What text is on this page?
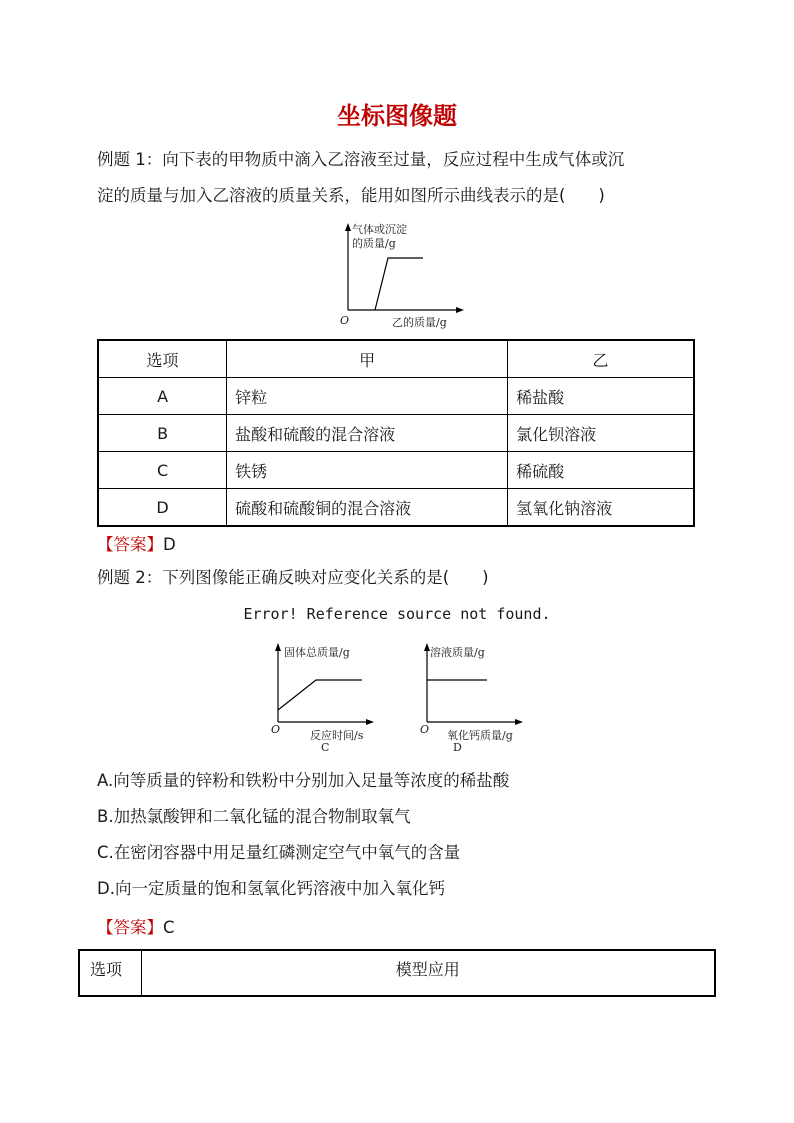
坐标图像题
例题 1：向下表的甲物质中滴入乙溶液至过量，反应过程中生成气体或沉
淀的质量与加入乙溶液的质量关系，能用如图所示曲线表示的是(　　)
气体或沉淀
的质量/g
O	乙的质量/g
选项	甲	乙
A	锌粒	稀盐酸
B	盐酸和硫酸的混合溶液	氯化钡溶液
C	铁锈	稀硫酸
D	硫酸和硫酸铜的混合溶液	氢氧化钠溶液
【答案】D
例题 2：下列图像能正确反映对应变化关系的是(　　)
Error! Reference source not found.
固体总质量/g
O	反应时间/s
C
溶液质量/g
O 氧化钙质量/g
D
A.向等质量的锌粉和铁粉中分别加入足量等浓度的稀盐酸
B.加热氯酸钾和二氧化锰的混合物制取氧气
C.在密闭容器中用足量红磷测定空气中氧气的含量
D.向一定质量的饱和氢氧化钙溶液中加入氧化钙
【答案】C
选项	模型应用
